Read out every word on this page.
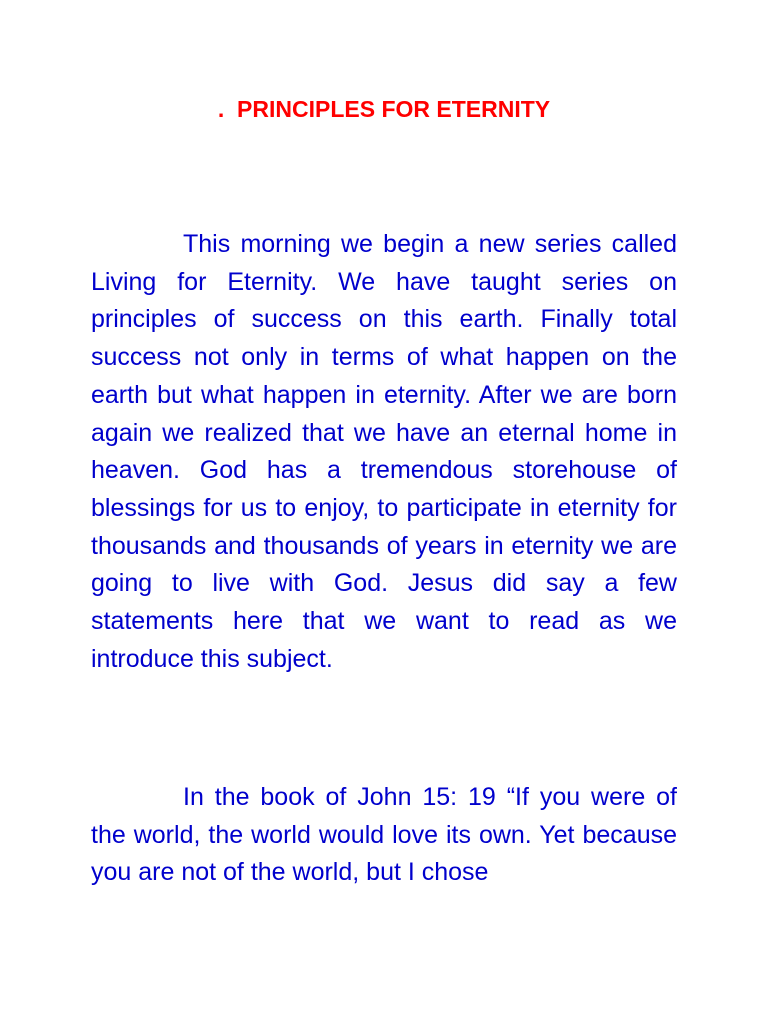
.  PRINCIPLES FOR ETERNITY

This morning we begin a new series called Living for Eternity. We have taught series on principles of success on this earth. Finally total success not only in terms of what happen on the earth but what happen in eternity. After we are born again we realized that we have an eternal home in heaven. God has a tremendous storehouse of blessings for us to enjoy, to participate in eternity for thousands and thousands of years in eternity we are going to live with God. Jesus did say a few statements here that we want to read as we introduce this subject.

In the book of John 15: 19 “If you were of the world, the world would love its own. Yet because you are not of the world, but I chose
